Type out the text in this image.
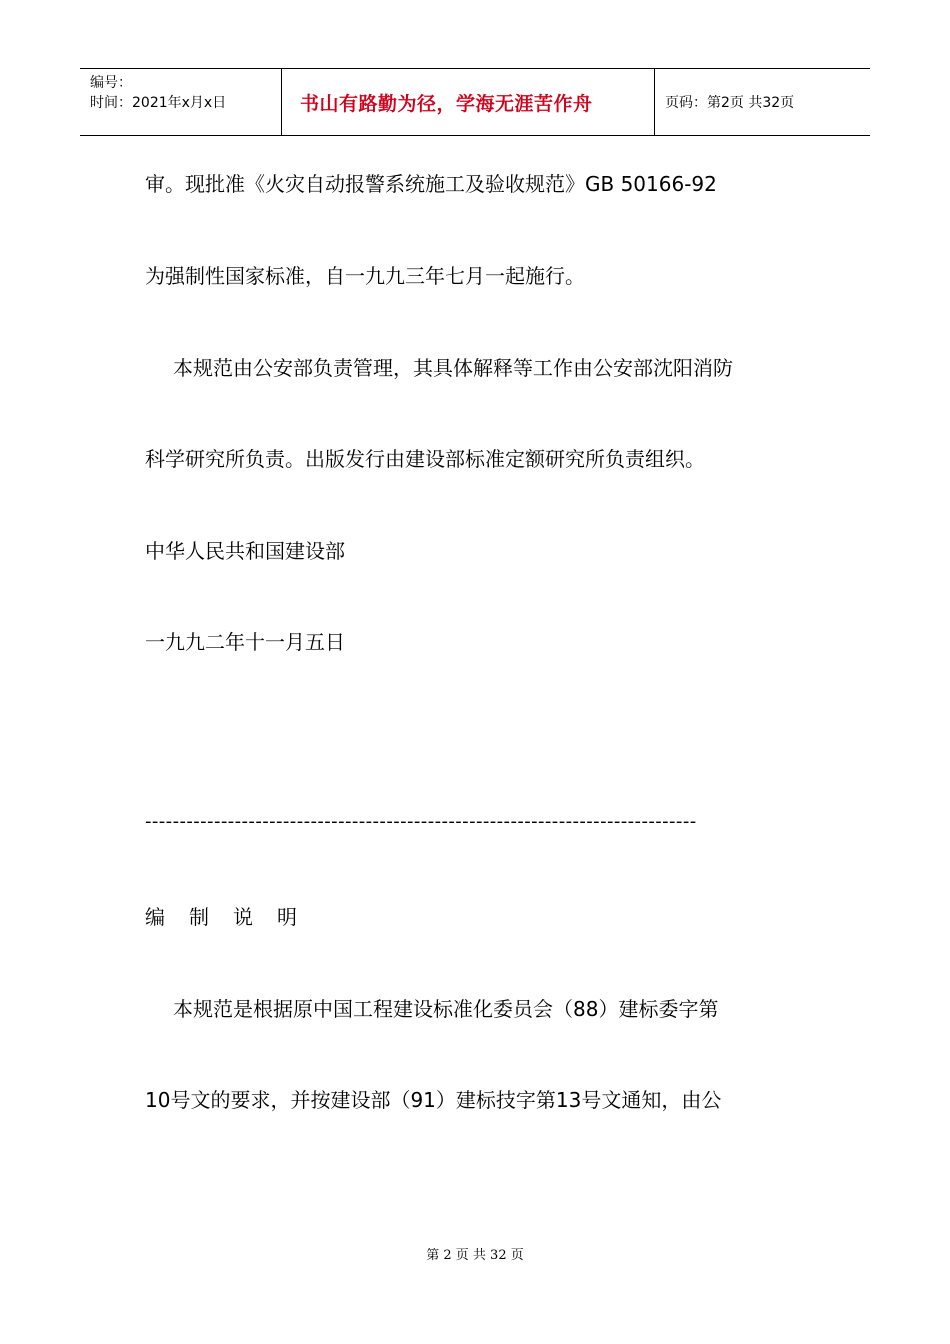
编号：
时间：2021年x月x日	书山有路勤为径，学海无涯苦作舟	页码：第2页 共32页
审。现批准《火灾自动报警系统施工及验收规范》GB 50166-92
为强制性国家标准，自一九九三年七月一起施行。
本规范由公安部负责管理，其具体解释等工作由公安部沈阳消防
科学研究所负责。出版发行由建设部标准定额研究所负责组织。
中华人民共和国建设部
一九九二年十一月五日
--------------------------------------------------------------------------------
编制说明
本规范是根据原中国工程建设标准化委员会（88）建标委字第
10号文的要求，并按建设部（91）建标技字第13号文通知，由公
第 2 页 共 32 页
